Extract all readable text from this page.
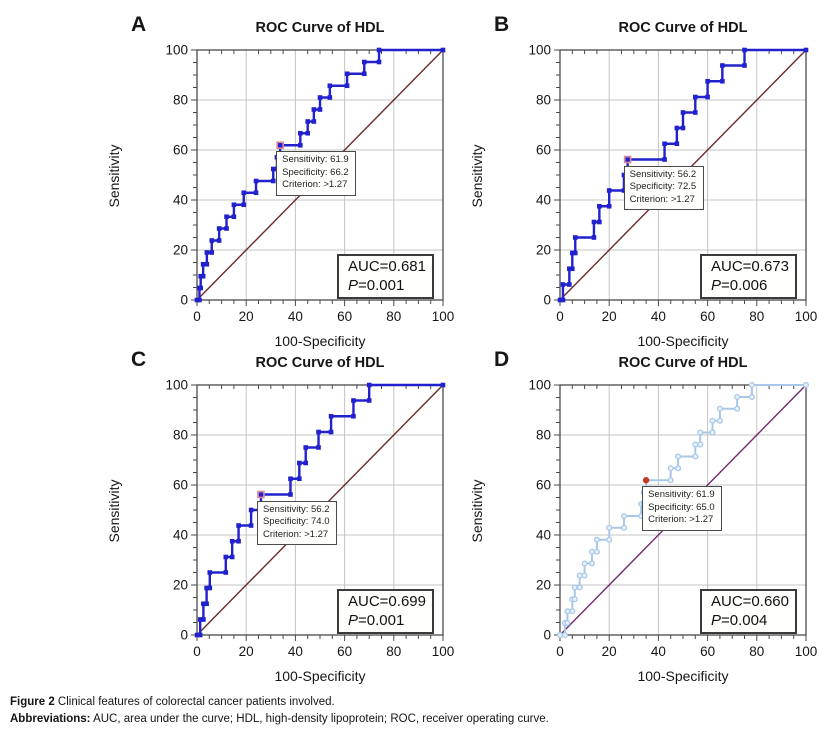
A	ROC Curve of HDL
Sensitivity
0	20	40	60	80 100
0
20
40
60
80
100
100-Specificity
Sensitivity: 61.9
Specificity: 66.2
Criterion: >1.27
AUC=0.681
P=0.001
B	ROC Curve of HDL
Sensitivity
0	20	40	60	80 100
0
20
40
60
80
100
100-Specificity
Sensitivity: 56.2
Specificity: 72.5
Criterion: >1.27
AUC=0.673
P=0.006
C	ROC Curve of HDL
Sensitivity
0	20	40	60	80 100
0
20
40
60
80
100
100-Specificity
Sensitivity: 56.2
Specificity: 74.0
Criterion: >1.27
AUC=0.699
P=0.001
D	ROC Curve of HDL
Sensitivity
0	20	40	60	80 100
0
20
40
60
80
100
100-Specificity
Sensitivity: 61.9
Specificity: 65.0
Criterion: >1.27
AUC=0.660
P=0.004
Figure 2 Clinical features of colorectal cancer patients involved.
Abbreviations: AUC, area under the curve; HDL, high-density lipoprotein; ROC, receiver operating curve.
